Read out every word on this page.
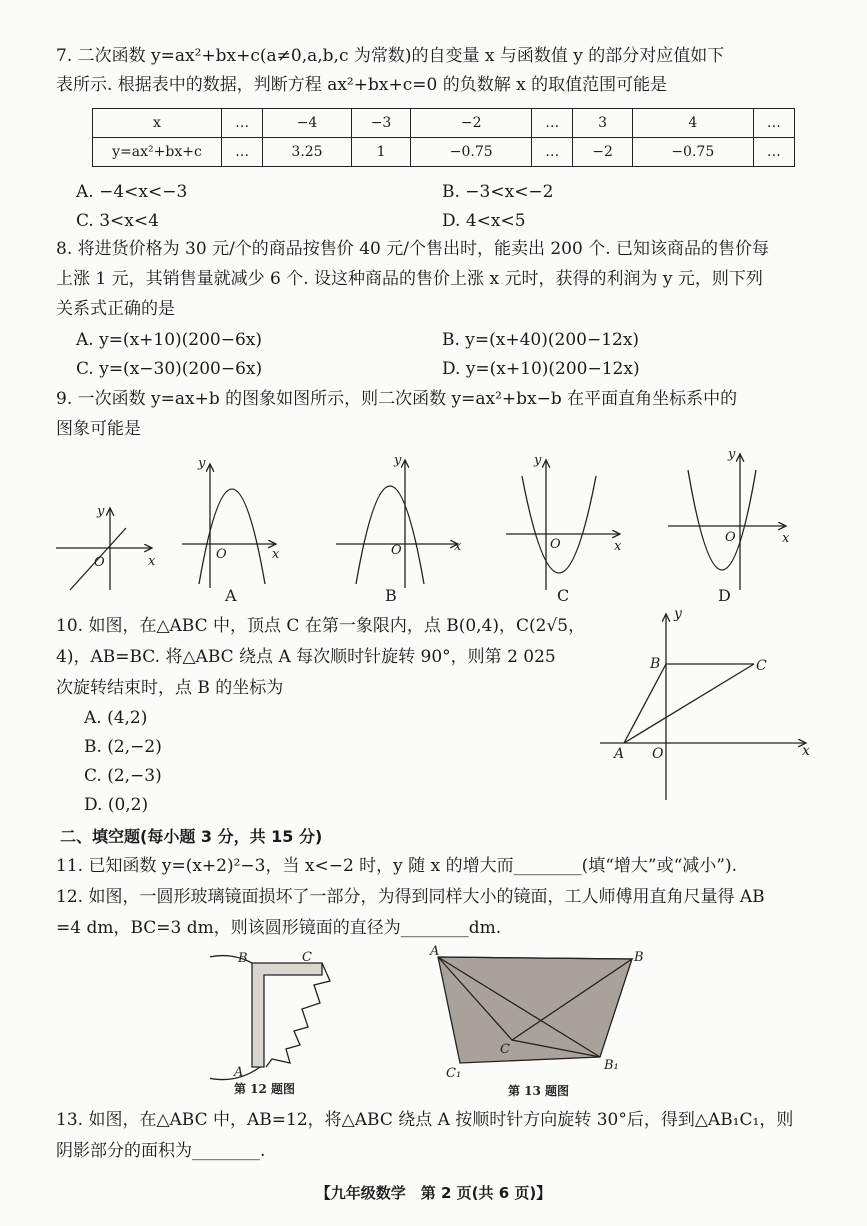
7. 二次函数 y=ax²+bx+c(a≠0,a,b,c 为常数)的自变量 x 与函数值 y 的部分对应值如下
表所示. 根据表中的数据，判断方程 ax²+bx+c=0 的负数解 x 的取值范围可能是
x	…	−4	−3	−2	…	3	4	…
y=ax²+bx+c	…	3.25	1	−0.75	…	−2	−0.75	…
A. −4<x<−3	B. −3<x<−2
C. 3<x<4	D. 4<x<5
8. 将进货价格为 30 元/个的商品按售价 40 元/个售出时，能卖出 200 个. 已知该商品的售价每
上涨 1 元，其销售量就减少 6 个. 设这种商品的售价上涨 x 元时，获得的利润为 y 元，则下列
关系式正确的是
A. y=(x+10)(200−6x)	B. y=(x+40)(200−12x)
C. y=(x−30)(200−6x)	D. y=(x+10)(200−12x)
9. 一次函数 y=ax+b 的图象如图所示，则二次函数 y=ax²+bx−b 在平面直角坐标系中的
图象可能是
x
y
O
x
y
O
x
y
O	x
y
O	x
y
O
A	B	C	D
10. 如图，在△ABC 中，顶点 C 在第一象限内，点 B(0,4)，C(2√5，
4)，AB=BC. 将△ABC 绕点 A 每次顺时针旋转 90°，则第 2 025
次旋转结束时，点 B 的坐标为
A. (4,2)
B. (2,−2)
C. (2,−3)
D. (0,2)
y
x
B	C
A O
二、填空题(每小题 3 分，共 15 分)
11. 已知函数 y=(x+2)²−3，当 x<−2 时，y 随 x 的增大而________(填“增大”或“减小”).
12. 如图，一圆形玻璃镜面损坏了一部分，为得到同样大小的镜面，工人师傅用直角尺量得 AB
=4 dm，BC=3 dm，则该圆形镜面的直径为________dm.
B	C
A
第 12 题图
A	B
C
C₁
B₁
第 13 题图
13. 如图，在△ABC 中，AB=12，将△ABC 绕点 A 按顺时针方向旋转 30°后，得到△AB₁C₁，则
阴影部分的面积为________.
【九年级数学　第 2 页(共 6 页)】
